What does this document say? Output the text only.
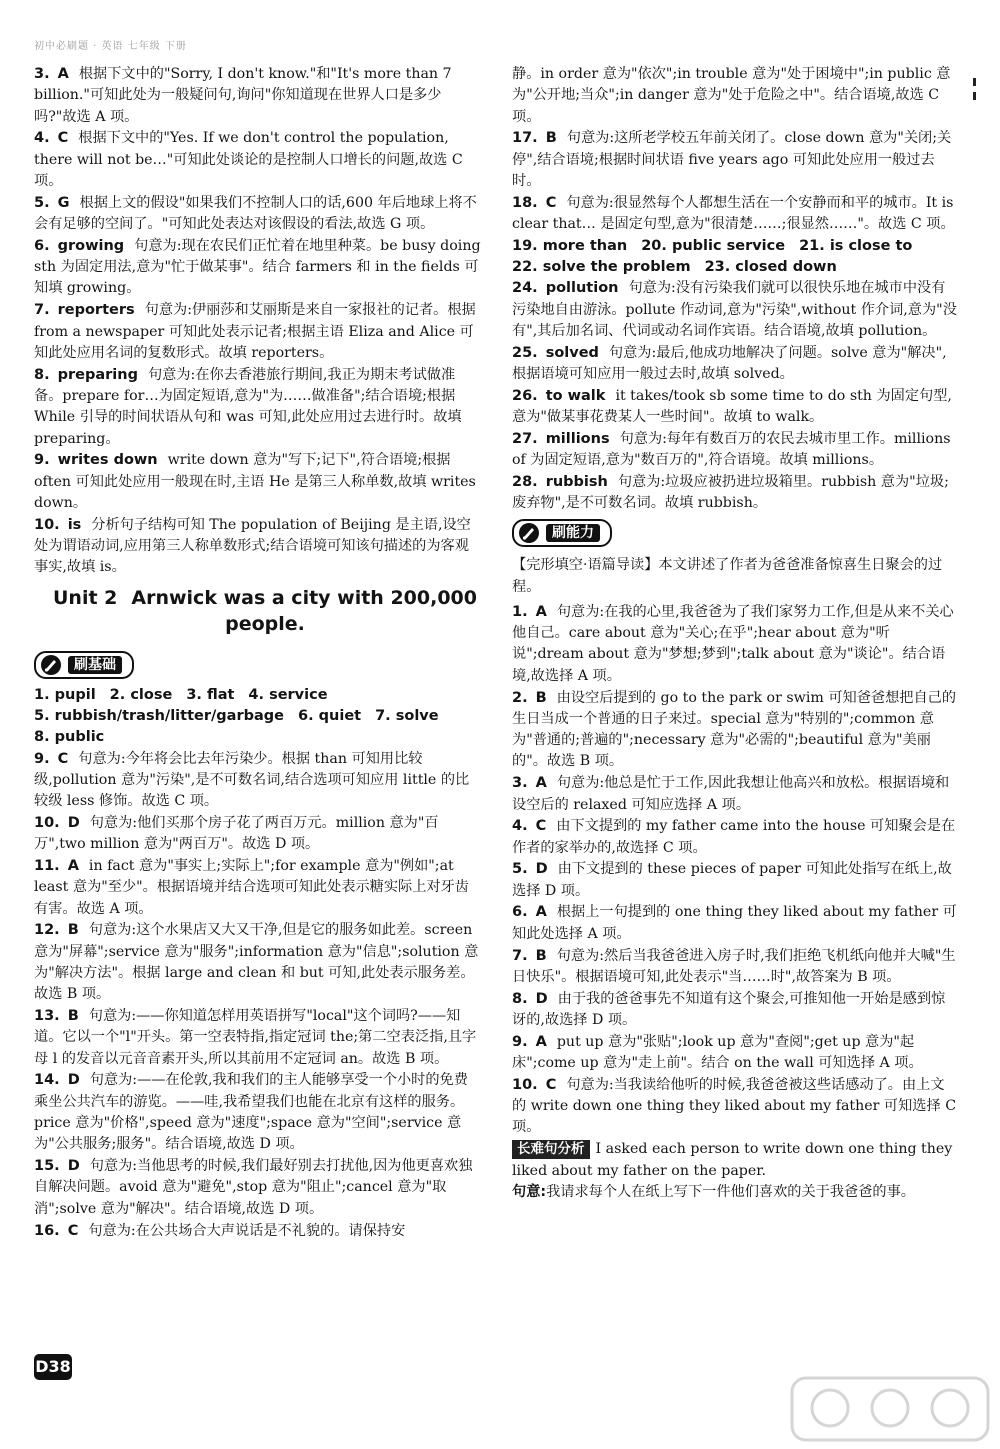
初中必刷题 · 英语 七年级 下册
3. A 根据下文中的"Sorry, I don't know."和"It's more than 7 billion."可知此处为一般疑问句,询问"你知道现在世界人口是多少吗?"故选 A 项。
4. C 根据下文中的"Yes. If we don't control the population, there will not be…"可知此处谈论的是控制人口增长的问题,故选 C 项。
5. G 根据上文的假设"如果我们不控制人口的话,600 年后地球上将不会有足够的空间了。"可知此处表达对该假设的看法,故选 G 项。
6. growing 句意为:现在农民们正忙着在地里种菜。be busy doing sth 为固定用法,意为"忙于做某事"。结合 farmers 和 in the fields 可知填 growing。
7. reporters 句意为:伊丽莎和艾丽斯是来自一家报社的记者。根据 from a newspaper 可知此处表示记者;根据主语 Eliza and Alice 可知此处应用名词的复数形式。故填 reporters。
8. preparing 句意为:在你去香港旅行期间,我正为期末考试做准备。prepare for…为固定短语,意为"为……做准备";结合语境;根据 While 引导的时间状语从句和 was 可知,此处应用过去进行时。故填 preparing。
9. writes down write down 意为"写下;记下",符合语境;根据 often 可知此处应用一般现在时,主语 He 是第三人称单数,故填 writes down。
10. is 分析句子结构可知 The population of Beijing 是主语,设空处为谓语动词,应用第三人称单数形式;结合语境可知该句描述的为客观事实,故填 is。
Unit 2 Arnwick was a city with 200,000 people.
刷基础
1. pupil 2. close 3. flat 4. service
5. rubbish/trash/litter/garbage 6. quiet 7. solve
8. public
9. C 句意为:今年将会比去年污染少。根据 than 可知用比较级,pollution 意为"污染",是不可数名词,结合选项可知应用 little 的比较级 less 修饰。故选 C 项。
10. D 句意为:他们买那个房子花了两百万元。million 意为"百万",two million 意为"两百万"。故选 D 项。
11. A in fact 意为"事实上;实际上";for example 意为"例如";at least 意为"至少"。根据语境并结合选项可知此处表示糖实际上对牙齿有害。故选 A 项。
12. B 句意为:这个水果店又大又干净,但是它的服务如此差。screen 意为"屏幕";service 意为"服务";information 意为"信息";solution 意为"解决方法"。根据 large and clean 和 but 可知,此处表示服务差。故选 B 项。
13. B 句意为:——你知道怎样用英语拼写"local"这个词吗?——知道。它以一个"l"开头。第一空表特指,指定冠词 the;第二空表泛指,且字母 l 的发音以元音音素开头,所以其前用不定冠词 an。故选 B 项。
14. D 句意为:——在伦敦,我和我们的主人能够享受一个小时的免费乘坐公共汽车的游览。——哇,我希望我们也能在北京有这样的服务。price 意为"价格",speed 意为"速度";space 意为"空间";service 意为"公共服务;服务"。结合语境,故选 D 项。
15. D 句意为:当他思考的时候,我们最好别去打扰他,因为他更喜欢独自解决问题。avoid 意为"避免",stop 意为"阻止";cancel 意为"取消";solve 意为"解决"。结合语境,故选 D 项。
16. C 句意为:在公共场合大声说话是不礼貌的。请保持安
静。in order 意为"依次";in trouble 意为"处于困境中";in public 意为"公开地;当众";in danger 意为"处于危险之中"。结合语境,故选 C 项。
17. B 句意为:这所老学校五年前关闭了。close down 意为"关闭;关停",结合语境;根据时间状语 five years ago 可知此处应用一般过去时。
18. C 句意为:很显然每个人都想生活在一个安静而和平的城市。It is clear that… 是固定句型,意为"很清楚……;很显然……"。故选 C 项。
19. more than 20. public service 21. is close to
22. solve the problem 23. closed down
24. pollution 句意为:没有污染我们就可以很快乐地在城市中没有污染地自由游泳。pollute 作动词,意为"污染",without 作介词,意为"没有",其后加名词、代词或动名词作宾语。结合语境,故填 pollution。
25. solved 句意为:最后,他成功地解决了问题。solve 意为"解决",根据语境可知应用一般过去时,故填 solved。
26. to walk it takes/took sb some time to do sth 为固定句型,意为"做某事花费某人一些时间"。故填 to walk。
27. millions 句意为:每年有数百万的农民去城市里工作。millions of 为固定短语,意为"数百万的",符合语境。故填 millions。
28. rubbish 句意为:垃圾应被扔进垃圾箱里。rubbish 意为"垃圾;废弃物",是不可数名词。故填 rubbish。
刷能力
【完形填空·语篇导读】本文讲述了作者为爸爸准备惊喜生日聚会的过程。
1. A 句意为:在我的心里,我爸爸为了我们家努力工作,但是从来不关心他自己。care about 意为"关心;在乎";hear about 意为"听说";dream about 意为"梦想;梦到";talk about 意为"谈论"。结合语境,故选择 A 项。
2. B 由设空后提到的 go to the park or swim 可知爸爸想把自己的生日当成一个普通的日子来过。special 意为"特别的";common 意为"普通的;普遍的";necessary 意为"必需的";beautiful 意为"美丽的"。故选 B 项。
3. A 句意为:他总是忙于工作,因此我想让他高兴和放松。根据语境和设空后的 relaxed 可知应选择 A 项。
4. C 由下文提到的 my father came into the house 可知聚会是在作者的家举办的,故选择 C 项。
5. D 由下文提到的 these pieces of paper 可知此处指写在纸上,故选择 D 项。
6. A 根据上一句提到的 one thing they liked about my father 可知此处选择 A 项。
7. B 句意为:然后当我爸爸进入房子时,我们拒绝飞机纸向他并大喊"生日快乐"。根据语境可知,此处表示"当……时",故答案为 B 项。
8. D 由于我的爸爸事先不知道有这个聚会,可推知他一开始是感到惊讶的,故选择 D 项。
9. A put up 意为"张贴";look up 意为"查阅";get up 意为"起床";come up 意为"走上前"。结合 on the wall 可知选择 A 项。
10. C 句意为:当我读给他听的时候,我爸爸被这些话感动了。由上文的 write down one thing they liked about my father 可知选择 C 项。
长难句分析 I asked each person to write down one thing they liked about my father on the paper.
句意:我请求每个人在纸上写下一件他们喜欢的关于我爸爸的事。
D38
